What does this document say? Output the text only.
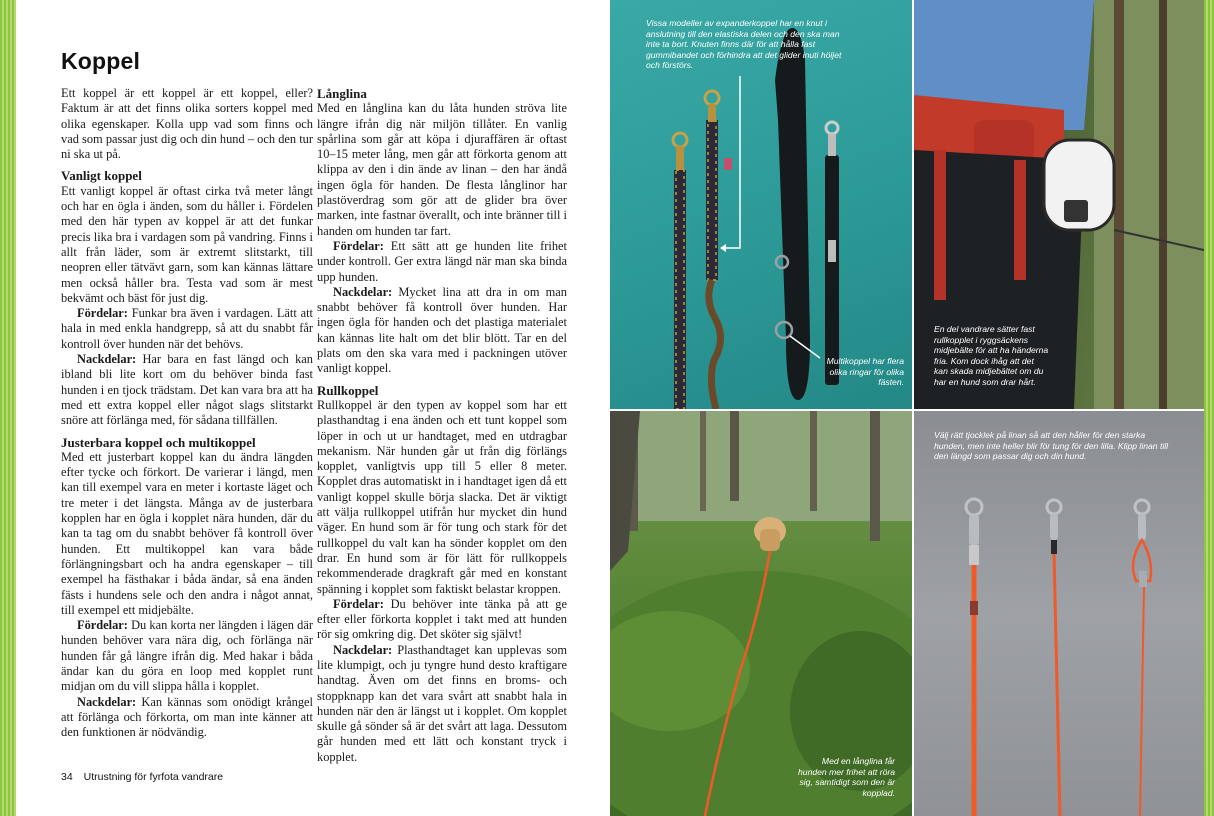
Koppel

Ett koppel är ett koppel är ett koppel, eller? Faktum är att det finns olika sorters koppel med olika egenskaper. Kolla upp vad som finns och vad som passar just dig och din hund – och den tur ni ska ut på.

Vanligt koppel

Ett vanligt koppel är oftast cirka två meter långt och har en ögla i änden, som du håller i. Fördelen med den här typen av koppel är att det funkar precis lika bra i vardagen som på vandring. Finns i allt från läder, som är extremt slitstarkt, till neopren eller tätvävt garn, som kan kännas lättare men också håller bra. Testa vad som är mest bekvämt och bäst för just dig.

Fördelar: Funkar bra även i vardagen. Lätt att hala in med enkla handgrepp, så att du snabbt får kontroll över hunden när det behövs.

Nackdelar: Har bara en fast längd och kan ibland bli lite kort om du behöver binda fast hunden i en tjock trädstam. Det kan vara bra att ha med ett extra koppel eller något slags slitstarkt snöre att förlänga med, för sådana tillfällen.

Justerbara koppel och multikoppel

Med ett justerbart koppel kan du ändra längden efter tycke och förkort. De varierar i längd, men kan till exempel vara en meter i kortaste läget och tre meter i det längsta. Många av de justerbara kopplen har en ögla i kopplet nära hunden, där du kan ta tag om du snabbt behöver få kontroll över hunden. Ett multikoppel kan vara både förlängningsbart och ha andra egenskaper – till exempel ha fästhakar i båda ändar, så ena änden fästs i hundens sele och den andra i något annat, till exempel ett midjebälte.

Fördelar: Du kan korta ner längden i lägen där hunden behöver vara nära dig, och förlänga när hunden får gå längre ifrån dig. Med hakar i båda ändar kan du göra en loop med kopplet runt midjan om du vill slippa hålla i kopplet.

Nackdelar: Kan kännas som onödigt krångel att förlänga och förkorta, om man inte känner att den funktionen är nödvändig.

Långlina

Med en långlina kan du låta hunden ströva lite längre ifrån dig när miljön tillåter. En vanlig spårlina som går att köpa i djuraffären är oftast 10–15 meter lång, men går att förkorta genom att klippa av den i din ände av linan – den har ändå ingen ögla för handen. De flesta långlinor har plastöverdrag som gör att de glider bra över marken, inte fastnar överallt, och inte bränner till i handen om hunden tar fart.

Fördelar: Ett sätt att ge hunden lite frihet under kontroll. Ger extra längd när man ska binda upp hunden.

Nackdelar: Mycket lina att dra in om man snabbt behöver få kontroll över hunden. Har ingen ögla för handen och det plastiga materialet kan kännas lite halt om det blir blött. Tar en del plats om den ska vara med i packningen utöver vanligt koppel.

Rullkoppel

Rullkoppel är den typen av koppel som har ett plasthandtag i ena änden och ett tunt koppel som löper in och ut ur handtaget, med en utdragbar mekanism. När hunden går ut från dig förlängs kopplet, vanligtvis upp till 5 eller 8 meter. Kopplet dras automatiskt in i handtaget igen då ett vanligt koppel skulle börja slacka. Det är viktigt att välja rullkoppel utifrån hur mycket din hund väger. En hund som är för tung och stark för det rullkoppel du valt kan ha sönder kopplet om den drar. En hund som är för lätt för rullkoppels rekommenderade dragkraft går med en konstant spänning i kopplet som faktiskt belastar kroppen.

Fördelar: Du behöver inte tänka på att ge efter eller förkorta kopplet i takt med att hunden rör sig omkring dig. Det sköter sig självt!

Nackdelar: Plasthandtaget kan upplevas som lite klumpigt, och ju tyngre hund desto kraftigare handtag. Även om det finns en broms- och stoppknapp kan det vara svårt att snabbt hala in hunden när den är längst ut i kopplet. Om kopplet skulle gå sönder så är det svårt att laga. Dessutom går hunden med ett lätt och konstant tryck i kopplet.

34 Utrustning för fyrfota vandrare
Vissa modeller av expanderkoppel har en knut i anslutning till den elastiska delen och den ska man inte ta bort. Knuten finns där för att hålla fast gummibandet och förhindra att det glider inuti höljet och förstörs.
Multikoppel har flera olika ringar för olika fästen.
En del vandrare sätter fast rullkopplet i ryggsäckens midjebälte för att ha händerna fria. Kom dock ihåg att det kan skada midjebältet om du har en hund som drar hårt.
Med en långlina får hunden mer frihet att röra sig, samtidigt som den är kopplad.
Välj rätt tjocklek på linan så att den håller för den starka hunden, men inte heller blir för tung för den lilla. Klipp linan till den längd som passar dig och din hund.
